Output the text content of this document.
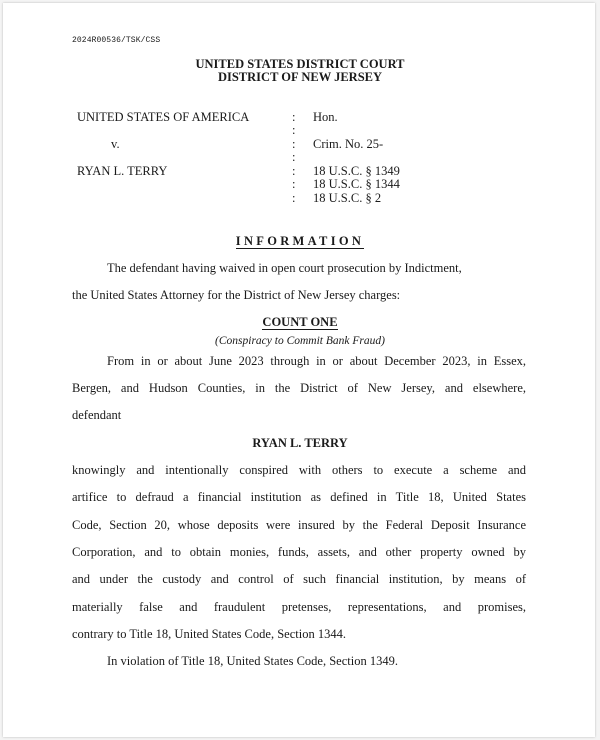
2024R00536/TSK/CSS
UNITED STATES DISTRICT COURT
DISTRICT OF NEW JERSEY
UNITED STATES OF AMERICA
v.
RYAN L. TERRY
:
:
:
:
:
:
:
Hon.
Crim. No. 25-
18 U.S.C. § 1349
18 U.S.C. § 1344
18 U.S.C. § 2
INFORMATION
The defendant having waived in open court prosecution by Indictment,
the United States Attorney for the District of New Jersey charges:
COUNT ONE
(Conspiracy to Commit Bank Fraud)
From in or about June 2023 through in or about December 2023, in Essex,
Bergen, and Hudson Counties, in the District of New Jersey, and elsewhere,
defendant
RYAN L. TERRY
knowingly and intentionally conspired with others to execute a scheme and
artifice to defraud a financial institution as defined in Title 18, United States
Code, Section 20, whose deposits were insured by the Federal Deposit Insurance
Corporation, and to obtain monies, funds, assets, and other property owned by
and under the custody and control of such financial institution, by means of
materially false and fraudulent pretenses, representations, and promises,
contrary to Title 18, United States Code, Section 1344.
In violation of Title 18, United States Code, Section 1349.
